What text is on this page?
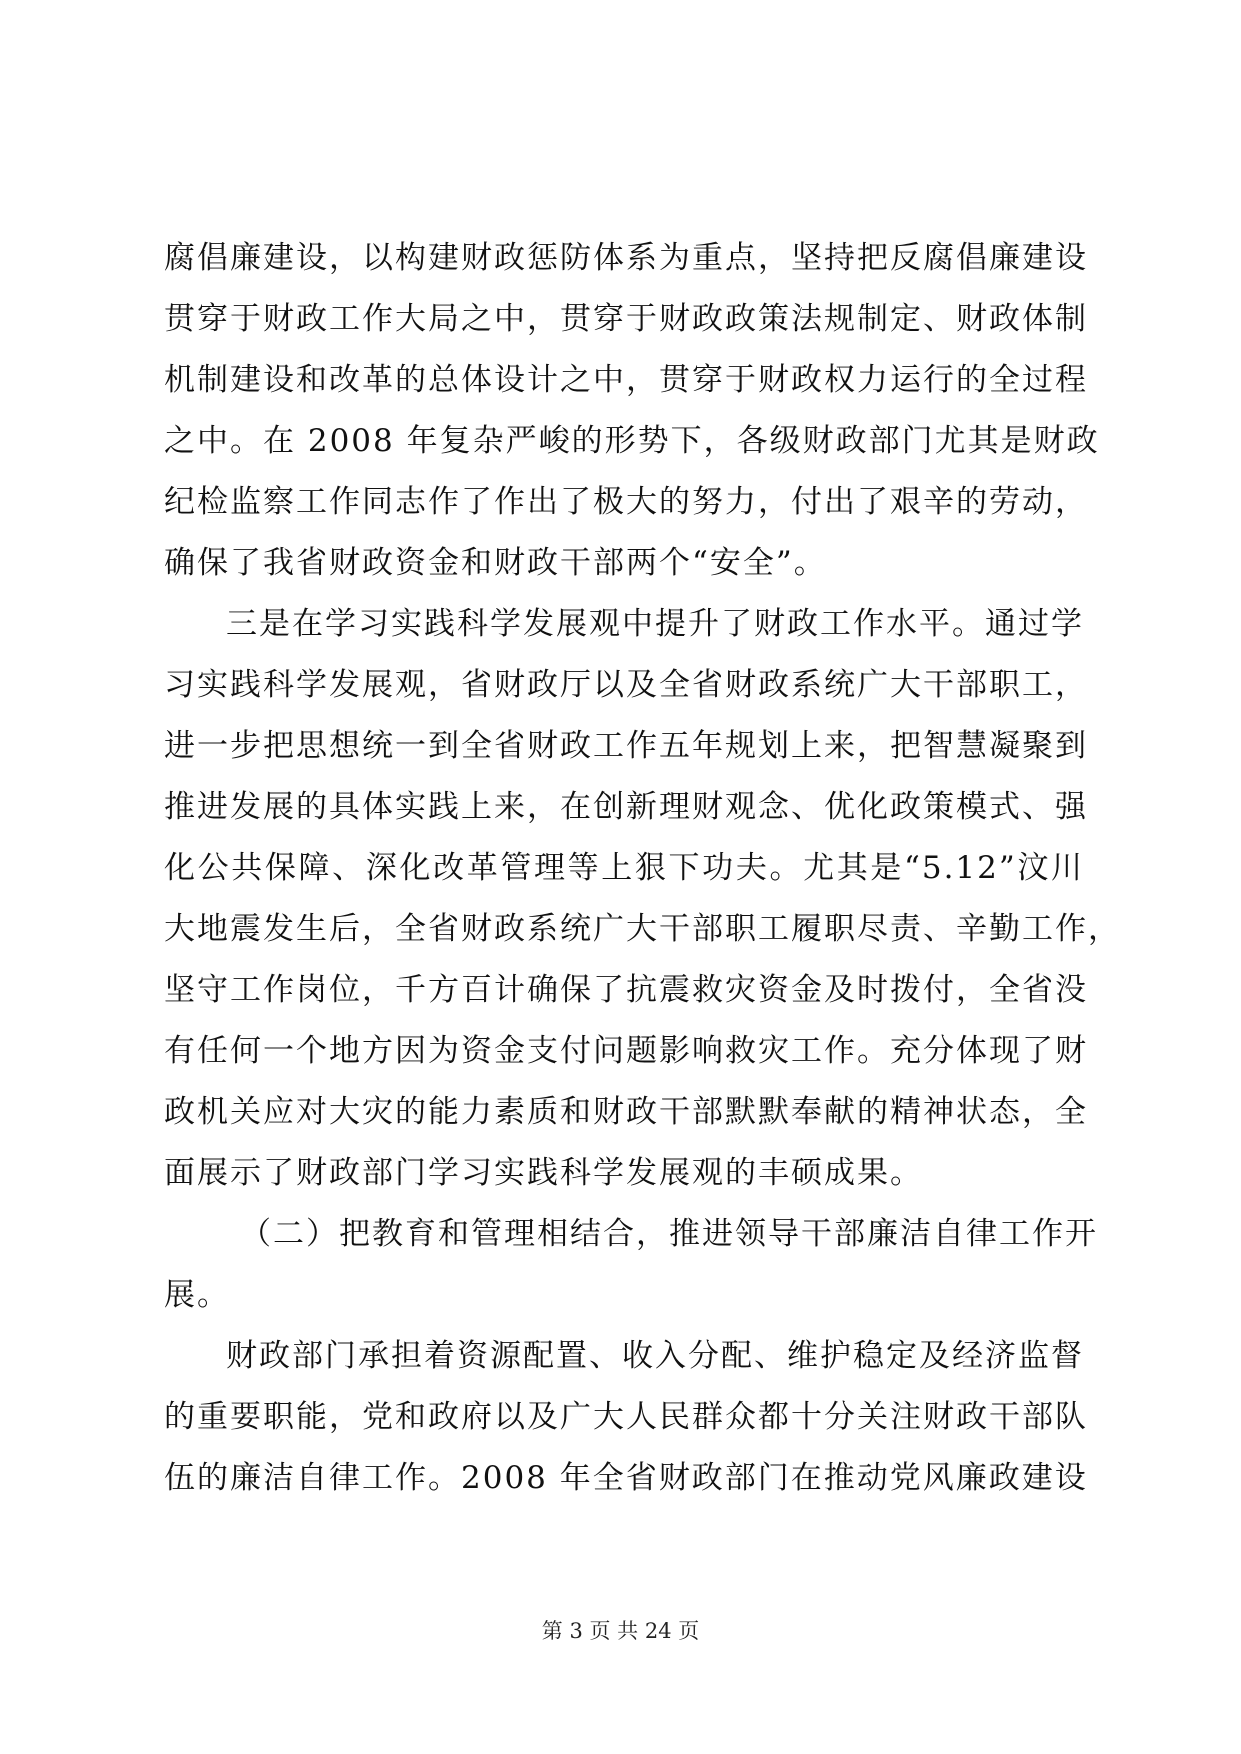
腐倡廉建设，以构建财政惩防体系为重点，坚持把反腐倡廉建设
贯穿于财政工作大局之中，贯穿于财政政策法规制定、财政体制
机制建设和改革的总体设计之中，贯穿于财政权力运行的全过程
之中。在 2008 年复杂严峻的形势下，各级财政部门尤其是财政
纪检监察工作同志作了作出了极大的努力，付出了艰辛的劳动，
确保了我省财政资金和财政干部两个“安全”。
三是在学习实践科学发展观中提升了财政工作水平。通过学
习实践科学发展观，省财政厅以及全省财政系统广大干部职工，
进一步把思想统一到全省财政工作五年规划上来，把智慧凝聚到
推进发展的具体实践上来，在创新理财观念、优化政策模式、强
化公共保障、深化改革管理等上狠下功夫。尤其是“5.12”汶川
大地震发生后，全省财政系统广大干部职工履职尽责、辛勤工作，
坚守工作岗位，千方百计确保了抗震救灾资金及时拨付，全省没
有任何一个地方因为资金支付问题影响救灾工作。充分体现了财
政机关应对大灾的能力素质和财政干部默默奉献的精神状态，全
面展示了财政部门学习实践科学发展观的丰硕成果。
（二）把教育和管理相结合，推进领导干部廉洁自律工作开
展。
财政部门承担着资源配置、收入分配、维护稳定及经济监督
的重要职能，党和政府以及广大人民群众都十分关注财政干部队
伍的廉洁自律工作。2008 年全省财政部门在推动党风廉政建设
第 3 页 共 24 页
